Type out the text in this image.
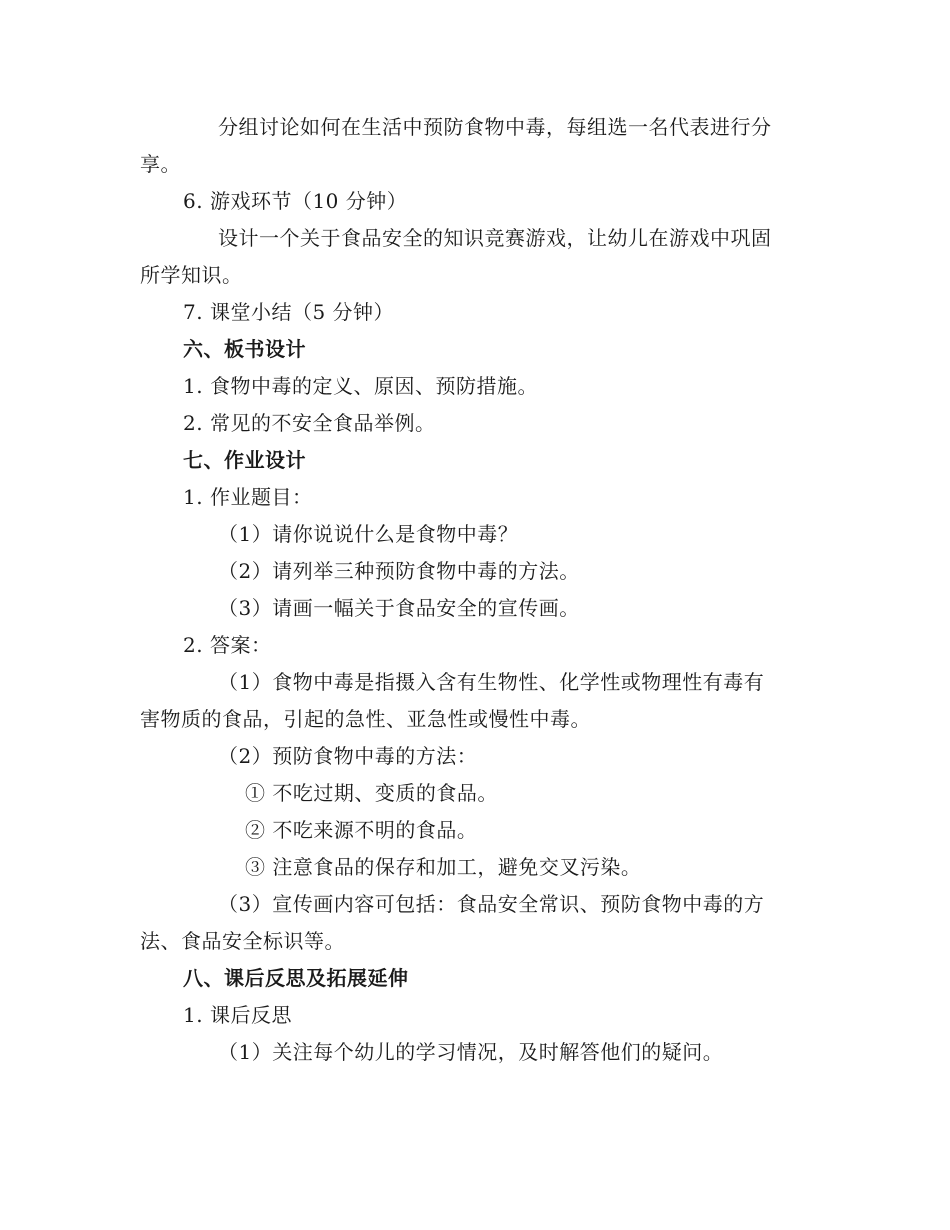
分组讨论如何在生活中预防食物中毒，每组选一名代表进行分
享。
6. 游戏环节（10 分钟）
设计一个关于食品安全的知识竞赛游戏，让幼儿在游戏中巩固
所学知识。
7. 课堂小结（5 分钟）
六、板书设计
1. 食物中毒的定义、原因、预防措施。
2. 常见的不安全食品举例。
七、作业设计
1. 作业题目：
（1）请你说说什么是食物中毒？
（2）请列举三种预防食物中毒的方法。
（3）请画一幅关于食品安全的宣传画。
2. 答案：
（1）食物中毒是指摄入含有生物性、化学性或物理性有毒有
害物质的食品，引起的急性、亚急性或慢性中毒。
（2）预防食物中毒的方法：
① 不吃过期、变质的食品。
② 不吃来源不明的食品。
③ 注意食品的保存和加工，避免交叉污染。
（3）宣传画内容可包括：食品安全常识、预防食物中毒的方
法、食品安全标识等。
八、课后反思及拓展延伸
1. 课后反思
（1）关注每个幼儿的学习情况，及时解答他们的疑问。
